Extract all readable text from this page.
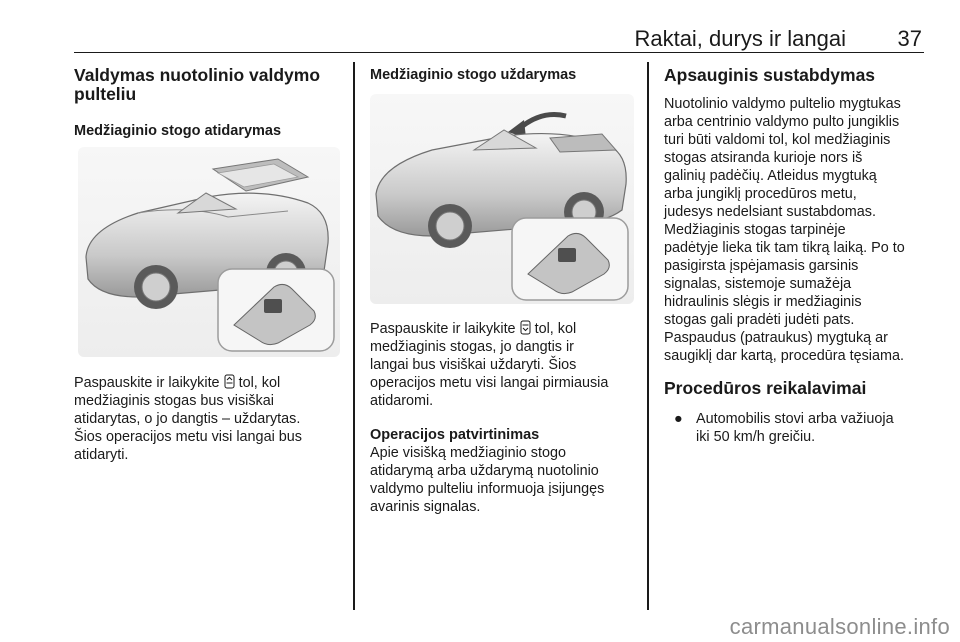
Raktai, durys ir langai 37
Valdymas nuotolinio valdymo pulteliu
Medžiaginio stogo atidarymas

Paspauskite ir laikykite  tol, kol
medžiaginis stogas bus visiškai
atidarytas, o jo dangtis – uždarytas.
Šios operacijos metu visi langai bus
atidaryti.

Medžiaginio stogo uždarymas

Paspauskite ir laikykite  tol, kol
medžiaginis stogas, jo dangtis ir
langai bus visiškai uždaryti. Šios
operacijos metu visi langai pirmiausia
atidaromi.

Operacijos patvirtinimas

Apie visišką medžiaginio stogo
atidarymą arba uždarymą nuotolinio
valdymo pulteliu informuoja įsijungęs
avarinis signalas.

Apsauginis sustabdymas

Nuotolinio valdymo pultelio mygtukas
arba centrinio valdymo pulto jungiklis
turi būti valdomi tol, kol medžiaginis
stogas atsiranda kurioje nors iš
galinių padėčių. Atleidus mygtuką
arba jungiklį procedūros metu,
judesys nedelsiant sustabdomas.
Medžiaginis stogas tarpinėje
padėtyje lieka tik tam tikrą laiką. Po to
pasigirsta įspėjamasis garsinis
signalas, sistemoje sumažėja
hidraulinis slėgis ir medžiaginis
stogas gali pradėti judėti pats.
Paspaudus (patraukus) mygtuką ar
saugiklį dar kartą, procedūra tęsiama.

Procedūros reikalavimai
● Automobilis stovi arba važiuoja
iki 50 km/h greičiu.
carmanualsonline.info
